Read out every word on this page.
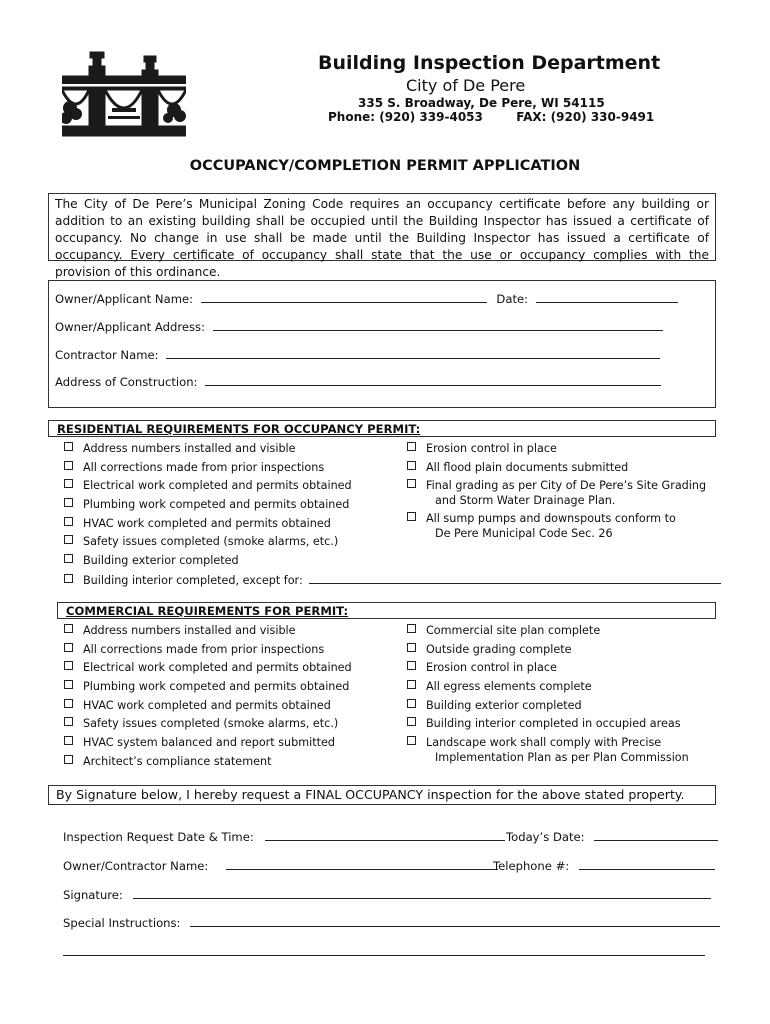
Building Inspection Department
City of De Pere
335 S. Broadway, De Pere, WI 54115
Phone: (920) 339-4053	FAX: (920) 330-9491
OCCUPANCY/COMPLETION PERMIT APPLICATION
The City of De Pere’s Municipal Zoning Code requires an occupancy certificate before any building or addition to an existing building shall be occupied until the Building Inspector has issued a certificate of occupancy. No change in use shall be made until the Building Inspector has issued a certificate of occupancy. Every certificate of occupancy shall state that the use or occupancy complies with the provision of this ordinance.
Owner/Applicant Name:	Date:
Owner/Applicant Address:
Contractor Name:
Address of Construction:
RESIDENTIAL REQUIREMENTS FOR OCCUPANCY PERMIT:
Address numbers installed and visible
All corrections made from prior inspections
Electrical work completed and permits obtained
Plumbing work competed and permits obtained
HVAC work completed and permits obtained
Safety issues completed (smoke alarms, etc.)
Building exterior completed
Building interior completed, except for:
Erosion control in place
All flood plain documents submitted
Final grading as per City of De Pere’s Site Grading
and Storm Water Drainage Plan.
All sump pumps and downspouts conform to
De Pere Municipal Code Sec. 26
COMMERCIAL REQUIREMENTS FOR PERMIT:
Address numbers installed and visible
All corrections made from prior inspections
Electrical work completed and permits obtained
Plumbing work competed and permits obtained
HVAC work completed and permits obtained
Safety issues completed (smoke alarms, etc.)
HVAC system balanced and report submitted
Architect’s compliance statement
Commercial site plan complete
Outside grading complete
Erosion control in place
All egress elements complete
Building exterior completed
Building interior completed in occupied areas
Landscape work shall comply with Precise
Implementation Plan as per Plan Commission
By Signature below, I hereby request a FINAL OCCUPANCY inspection for the above stated property.
Inspection Request Date & Time:	Today’s Date:
Owner/Contractor Name:	Telephone #:
Signature:
Special Instructions:
